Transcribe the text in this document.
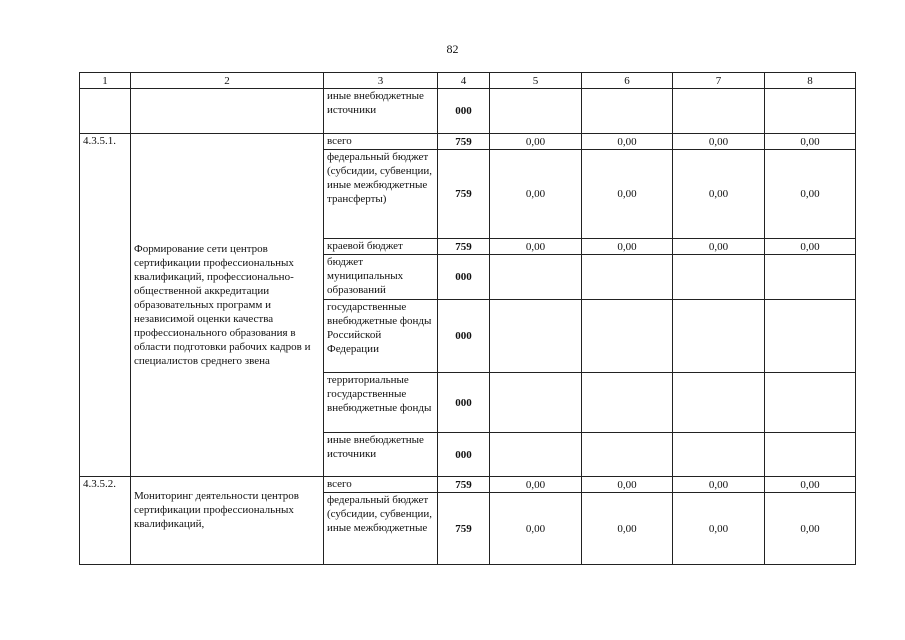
82
1	2	3	4	5	6	7	8
		иные внебюджетные источники	000				
4.3.5.1.	Формирование сети центров сертификации профессиональных квалификаций, профессионально-общественной аккредитации образовательных программ и независимой оценки качества профессионального образования в области подготовки рабочих кадров и специалистов среднего звена	всего	759	0,00	0,00	0,00	0,00
		федеральный бюджет (субсидии, субвенции, иные межбюджетные трансферты)	759	0,00	0,00	0,00	0,00
		краевой бюджет	759	0,00	0,00	0,00	0,00
		бюджет муниципальных образований	000				
		государственные внебюджетные фонды Российской Федерации	000				
		территориальные государственные внебюджетные фонды	000				
		иные внебюджетные источники	000				
4.3.5.2.	Мониторинг деятельности центров сертификации профессиональных квалификаций,	всего	759	0,00	0,00	0,00	0,00
		федеральный бюджет (субсидии, субвенции, иные межбюджетные	759	0,00	0,00	0,00	0,00
